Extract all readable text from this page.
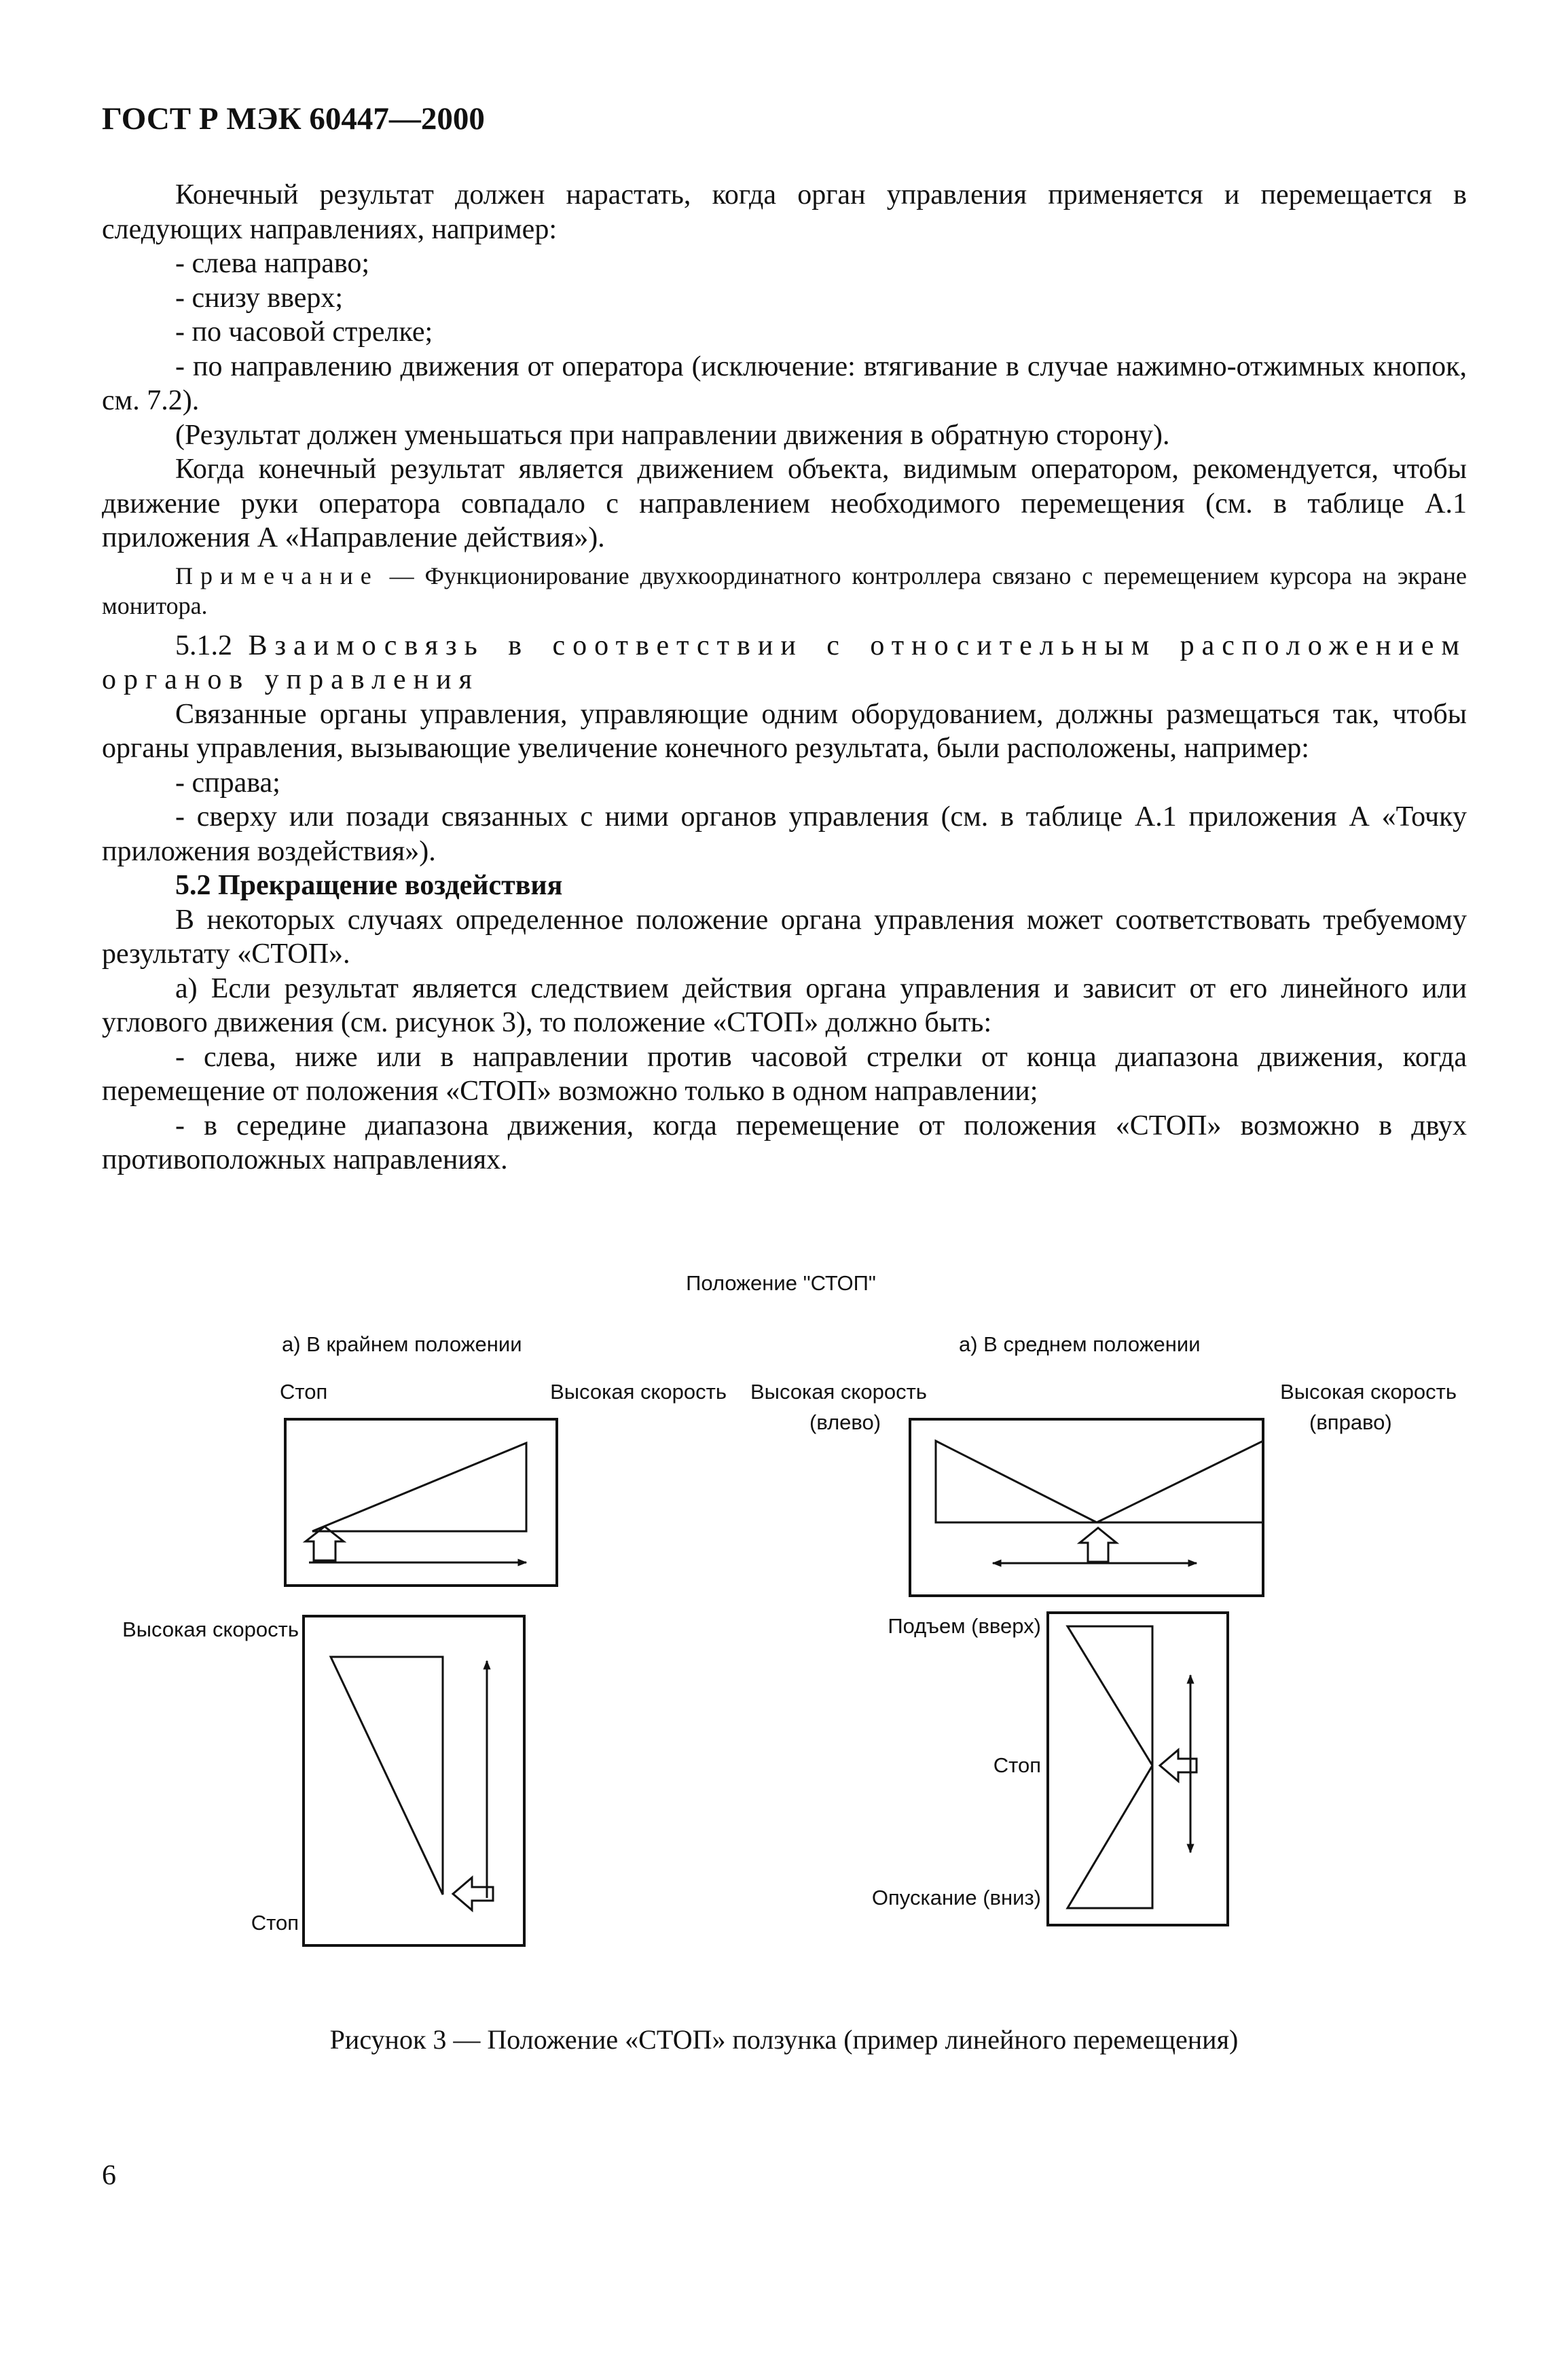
ГОСТ Р МЭК 60447—2000

Конечный результат должен нарастать, когда орган управления применяется и перемещается в следующих направлениях, например:

- слева направо;

- снизу вверх;

- по часовой стрелке;

- по направлению движения от оператора (исключение: втягивание в случае нажимно-отжимных кнопок, см. 7.2).

(Результат должен уменьшаться при направлении движения в обратную сторону).

Когда конечный результат является движением объекта, видимым оператором, рекомендуется, чтобы движение руки оператора совпадало с направлением необходимого перемещения (см. в таблице А.1 приложения А «Направление действия»).

Примечание — Функционирование двухкоординатного контроллера связано с перемещением курсора на экране монитора.

5.1.2 Взаимосвязь в соответствии с относительным расположением органов управления

Связанные органы управления, управляющие одним оборудованием, должны размещаться так, чтобы органы управления, вызывающие увеличение конечного результата, были расположены, например:

- справа;

- сверху или позади связанных с ними органов управления (см. в таблице А.1 приложения А «Точку приложения воздействия»).

5.2 Прекращение воздействия

В некоторых случаях определенное положение органа управления может соответствовать требуемому результату «СТОП».

а) Если результат является следствием действия органа управления и зависит от его линейного или углового движения (см. рисунок 3), то положение «СТОП» должно быть:

- слева, ниже или в направлении против часовой стрелки от конца диапазона движения, когда перемещение от положения «СТОП» возможно только в одном направлении;

- в середине диапазона движения, когда перемещение от положения «СТОП» возможно в двух противоположных направлениях.

Положение "СТОП"
а) В крайнем положении	а) В среднем положении
Стоп	Высокая скорость Высокая скорость
(влево)
Высокая скорость
(вправо)
Высокая скорость
Стоп
Подъем (вверх)
Стоп
Опускание (вниз)
Рисунок 3 — Положение «СТОП» ползунка (пример линейного перемещения)
6
